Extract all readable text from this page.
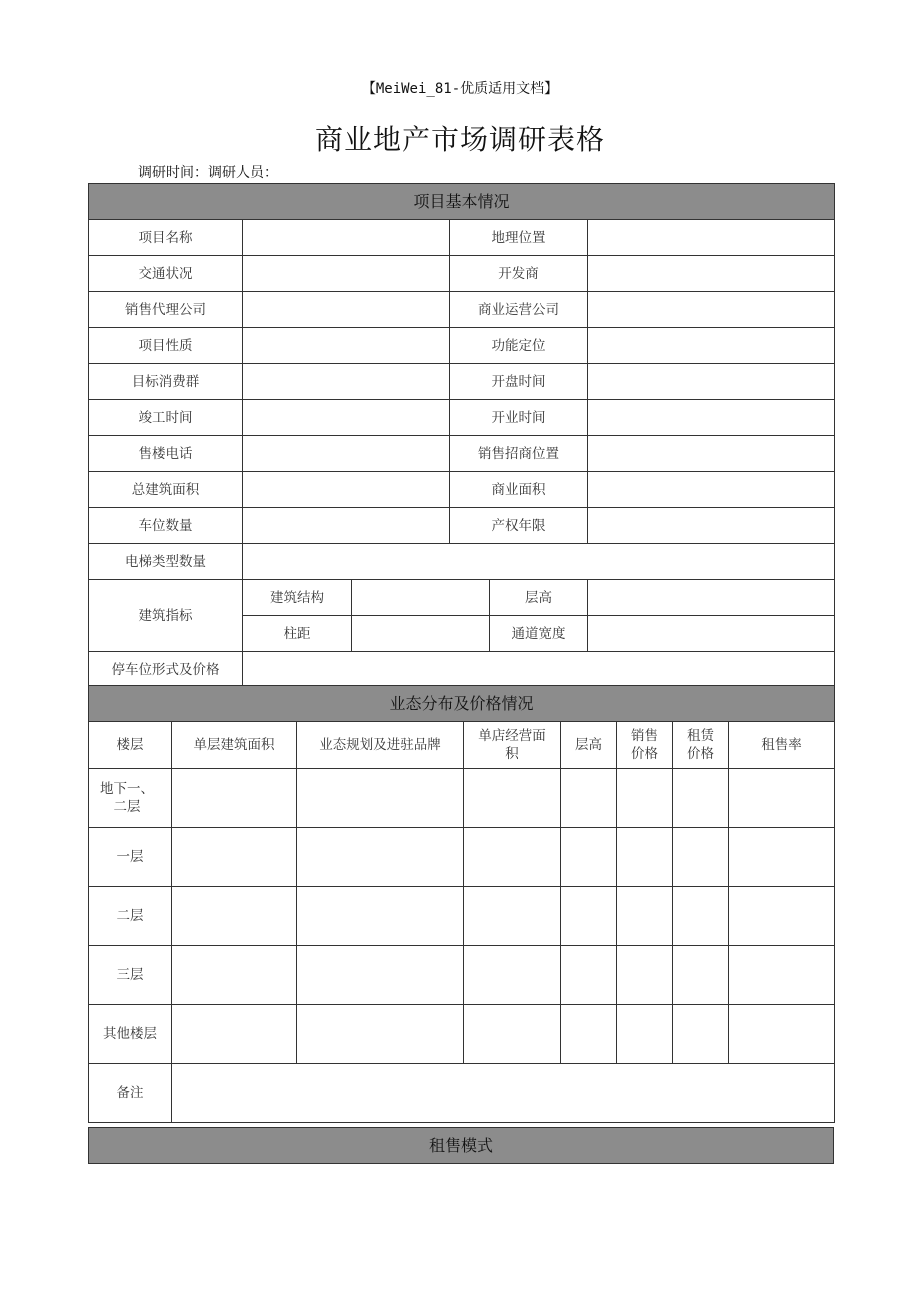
【MeiWei_81-优质适用文档】
商业地产市场调研表格
调研时间：调研人员：
项目基本情况					
项目名称			地理位置		
交通状况			开发商		
销售代理公司			商业运营公司		
项目性质			功能定位		
目标消费群			开盘时间		
竣工时间			开业时间		
售楼电话			销售招商位置		
总建筑面积			商业面积		
车位数量			产权年限		
电梯类型数量					
建筑指标	建筑结构			层高	
	柱距			通道宽度	
停车位形式及价格					
业态分布及价格情况							
楼层	单层建筑面积	业态规划及进驻品牌	单店经营面积	层高	销售价格	租赁价格	租售率
地下一、二层							
一层							
二层							
三层							
其他楼层							
备注							
租售模式
